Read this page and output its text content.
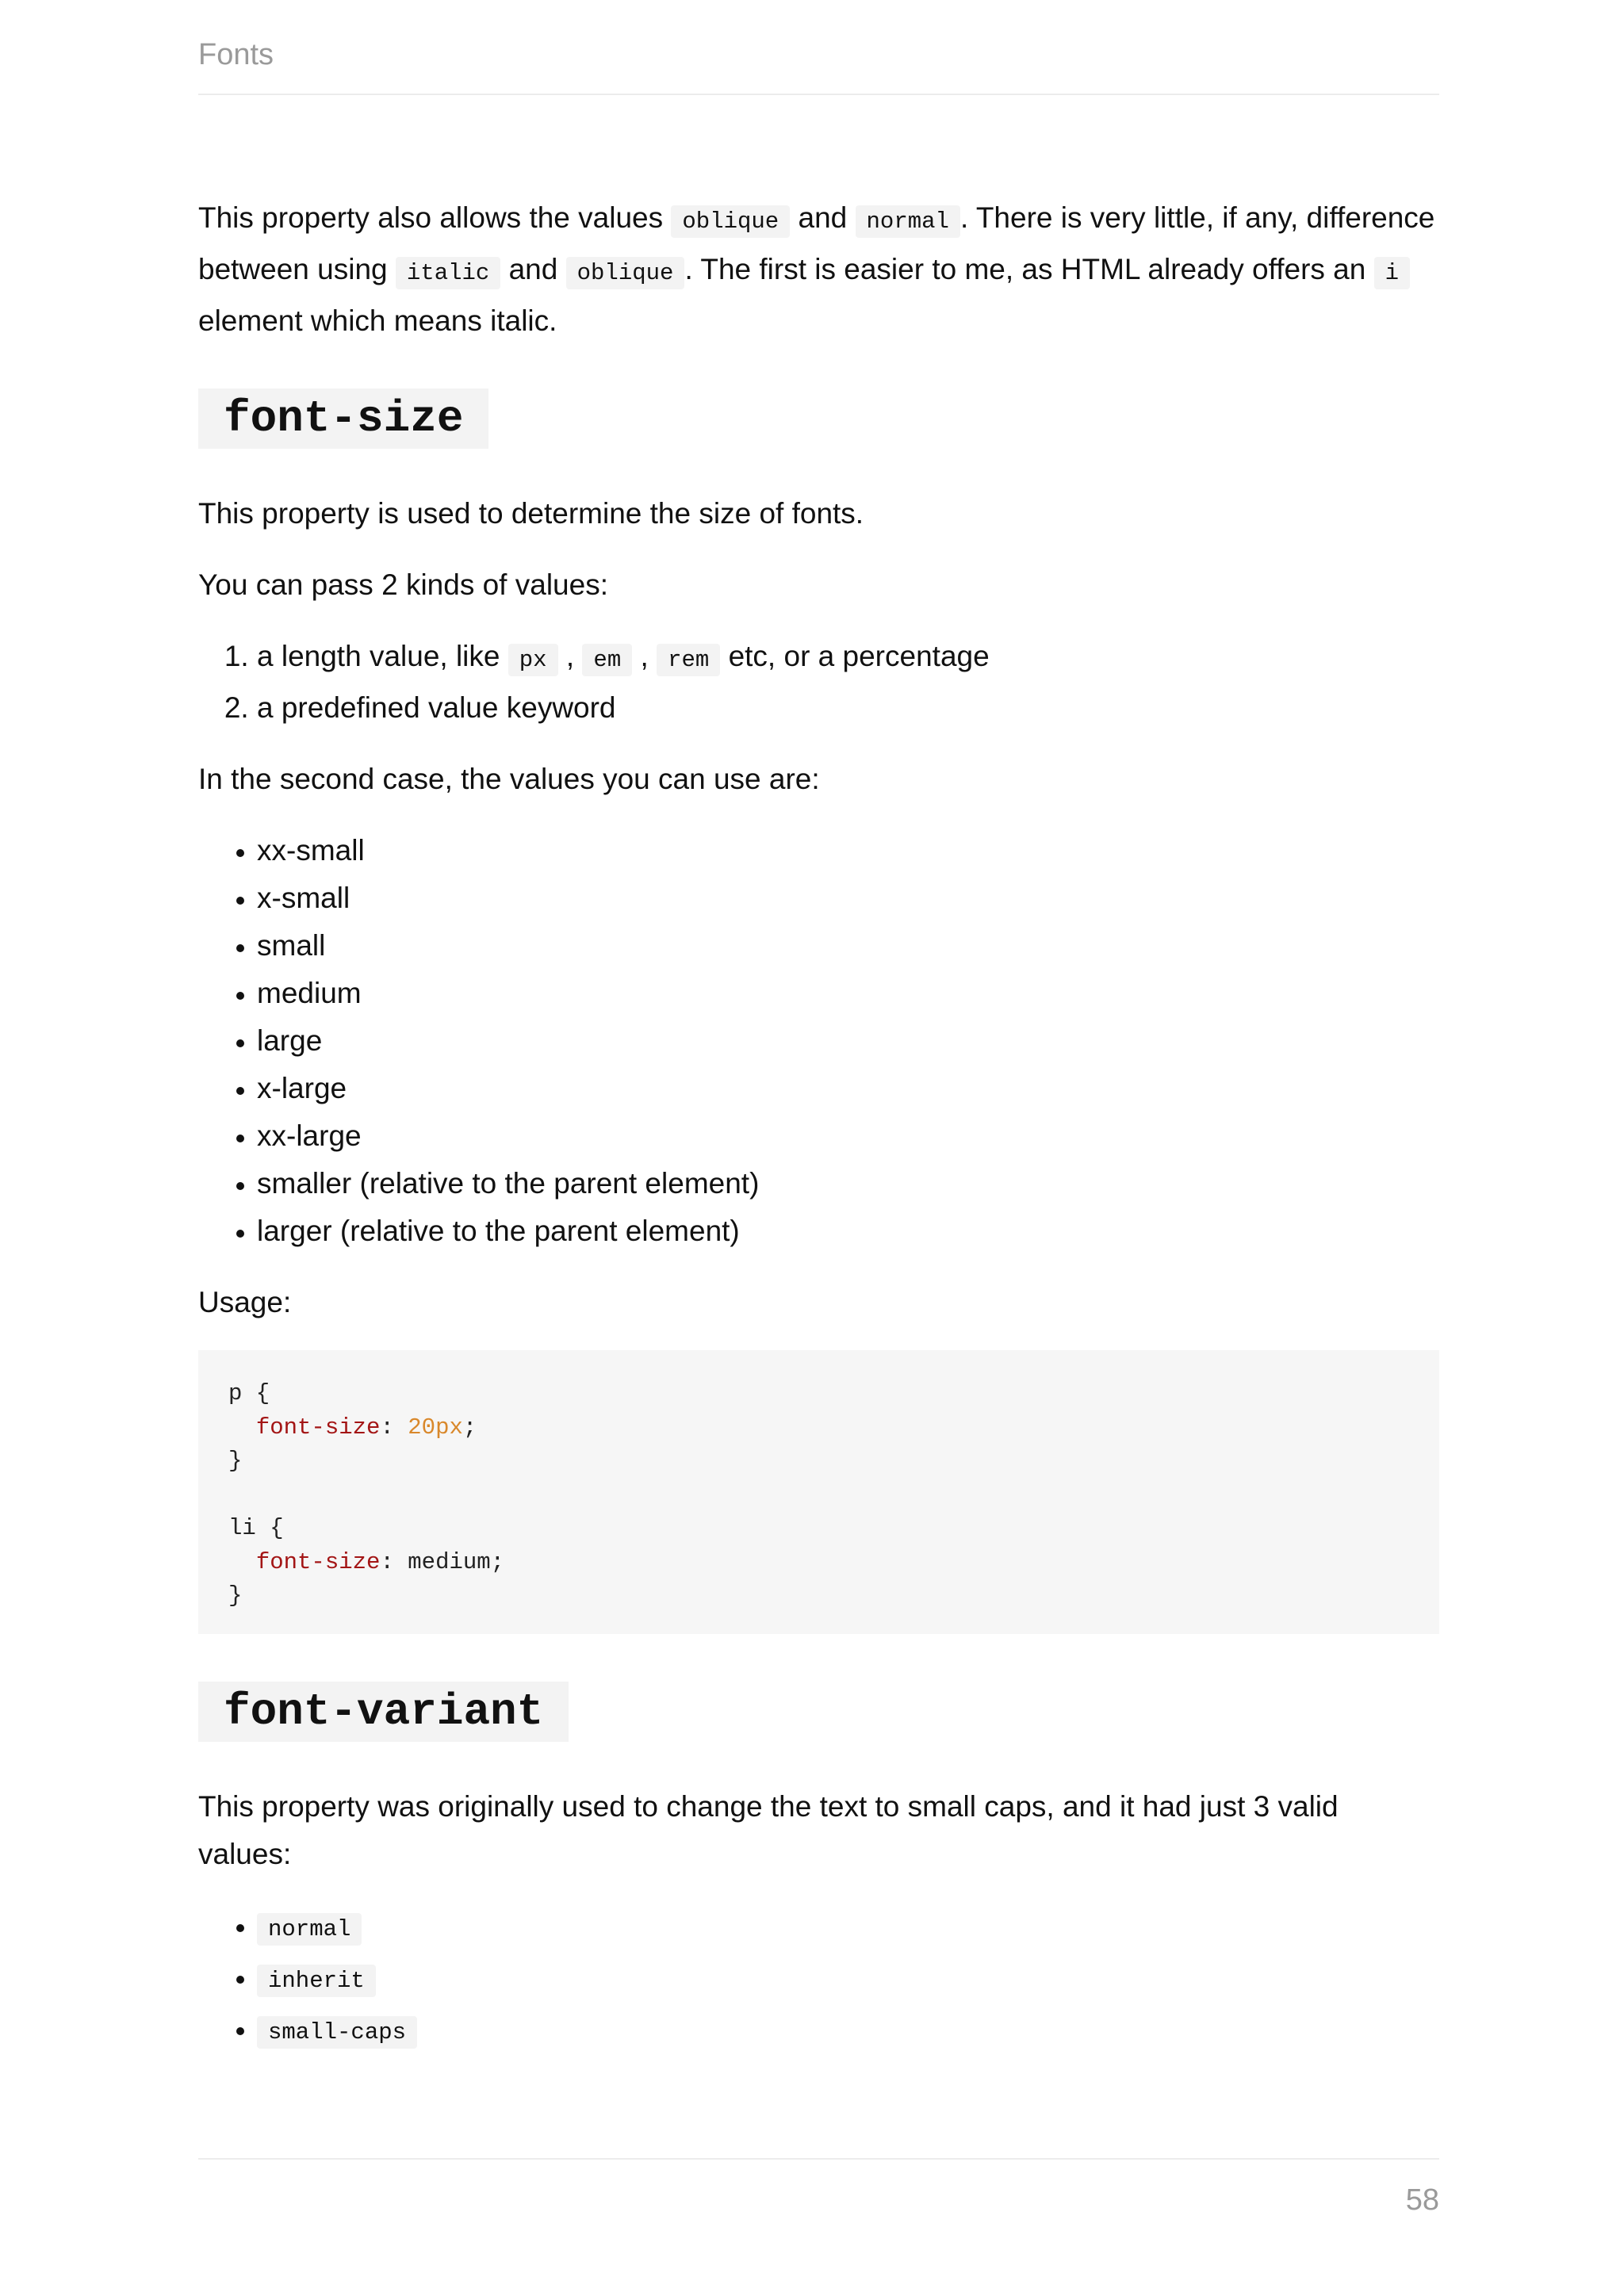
Fonts

This property also allows the values oblique and normal . There is very little, if any, difference between using italic and oblique . The first is easier to me, as HTML already offers an i element which means italic.

font-size

This property is used to determine the size of fonts.

You can pass 2 kinds of values:

1. a length value, like px , em , rem etc, or a percentage
2. a predefined value keyword

In the second case, the values you can use are:

• xx-small
• x-small
• small
• medium
• large
• x-large
• xx-large
• smaller (relative to the parent element)
• larger (relative to the parent element)

Usage:

p {
font-size: 20px;
}

li {
font-size: medium;
}
font-variant

This property was originally used to change the text to small caps, and it had just 3 valid values:

• normal
• inherit
• small-caps
58
